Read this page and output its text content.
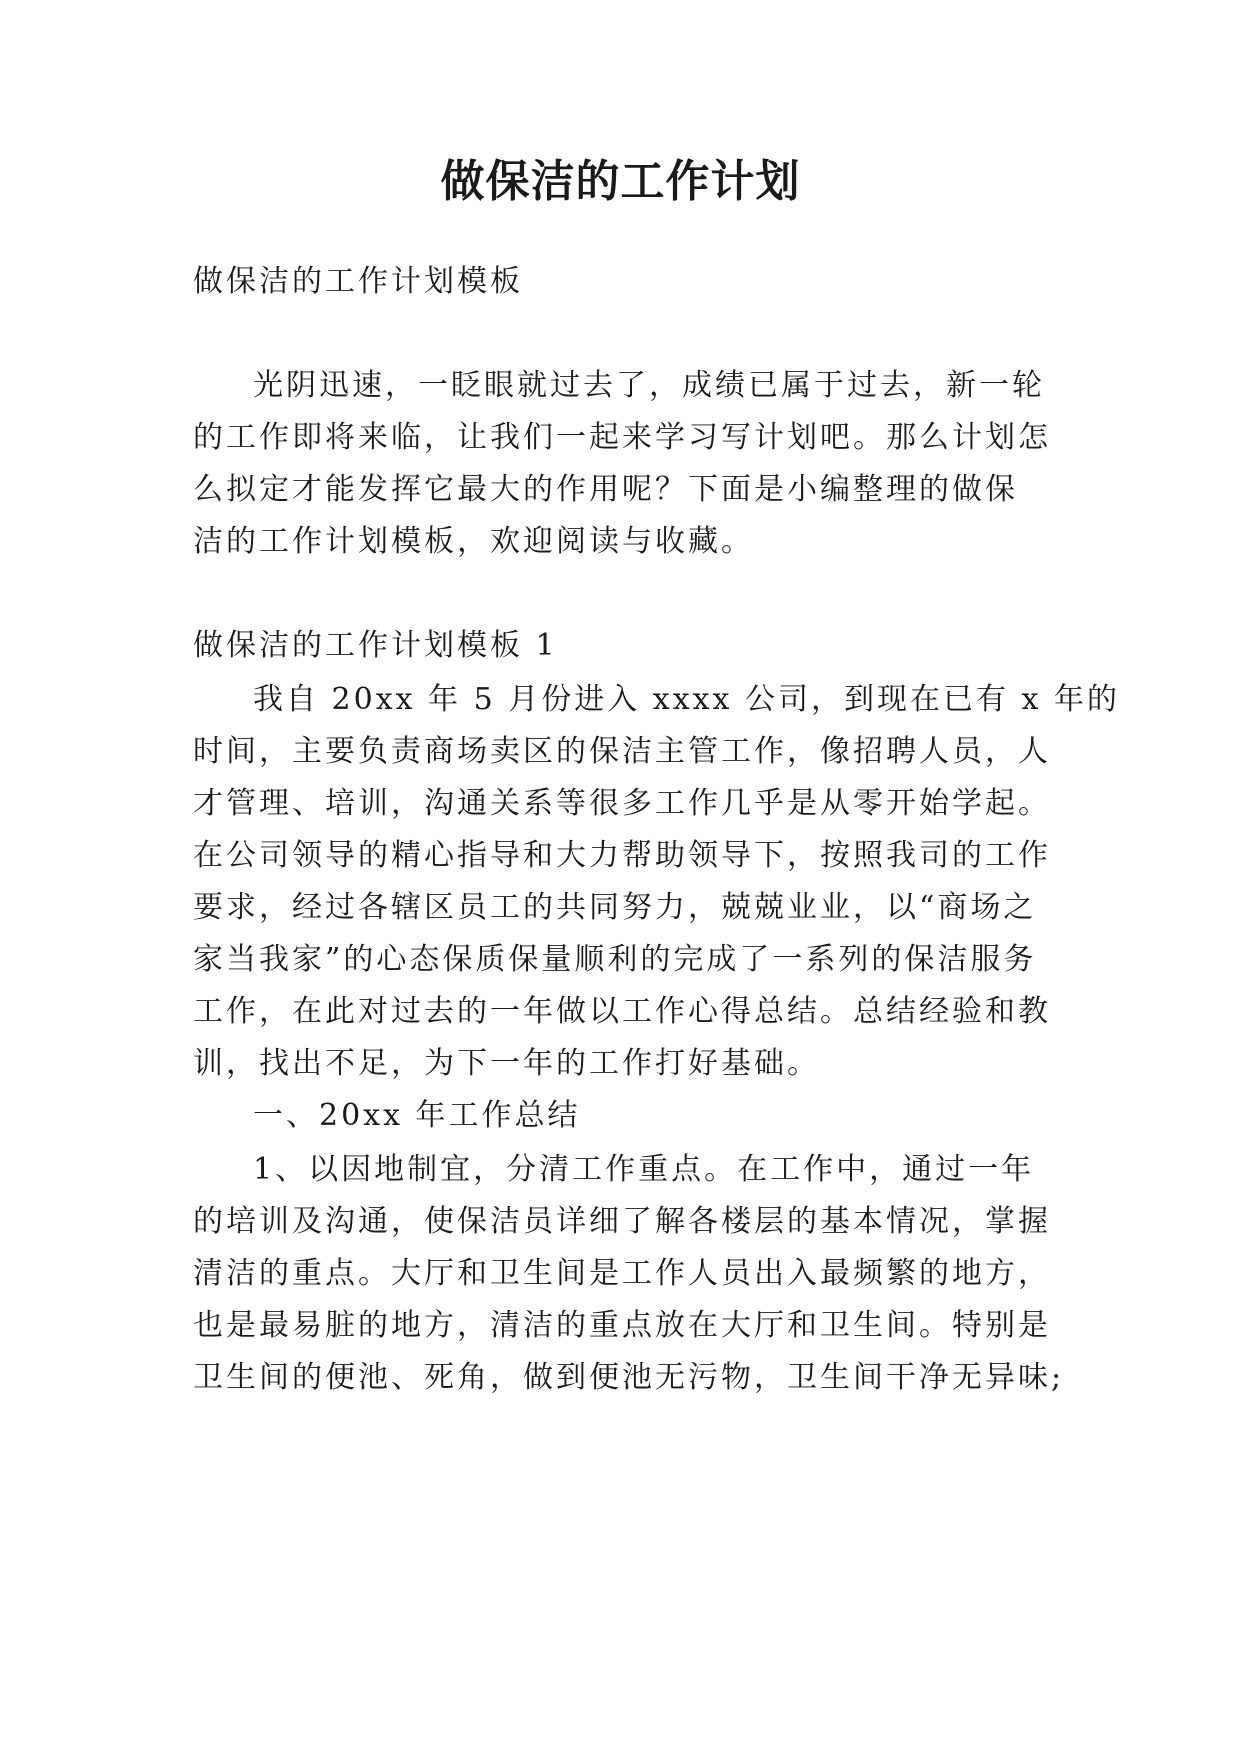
做保洁的工作计划
做保洁的工作计划模板
光阴迅速，一眨眼就过去了，成绩已属于过去，新一轮
的工作即将来临，让我们一起来学习写计划吧。那么计划怎
么拟定才能发挥它最大的作用呢？下面是小编整理的做保
洁的工作计划模板，欢迎阅读与收藏。
做保洁的工作计划模板 1
我自 20xx 年 5 月份进入 xxxx 公司，到现在已有 x 年的
时间，主要负责商场卖区的保洁主管工作，像招聘人员，人
才管理、培训，沟通关系等很多工作几乎是从零开始学起。
在公司领导的精心指导和大力帮助领导下，按照我司的工作
要求，经过各辖区员工的共同努力，兢兢业业，以“商场之
家当我家”的心态保质保量顺利的完成了一系列的保洁服务
工作，在此对过去的一年做以工作心得总结。总结经验和教
训，找出不足，为下一年的工作打好基础。
一、20xx 年工作总结
1、以因地制宜，分清工作重点。在工作中，通过一年
的培训及沟通，使保洁员详细了解各楼层的基本情况，掌握
清洁的重点。大厅和卫生间是工作人员出入最频繁的地方，
也是最易脏的地方，清洁的重点放在大厅和卫生间。特别是
卫生间的便池、死角，做到便池无污物，卫生间干净无异味;
